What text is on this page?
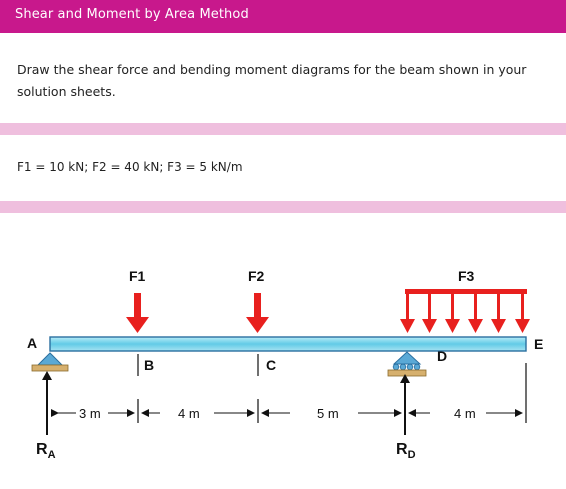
Shear and Moment by Area Method
Draw the shear force and bending moment diagrams for the beam shown in your solution sheets.
F1 = 10 kN; F2 = 40 kN; F3 = 5 kN/m
A
B	C
D
E
F1	F2	F3
3 m	4 m	5 m	4 m
$R_A$	$R_D$
